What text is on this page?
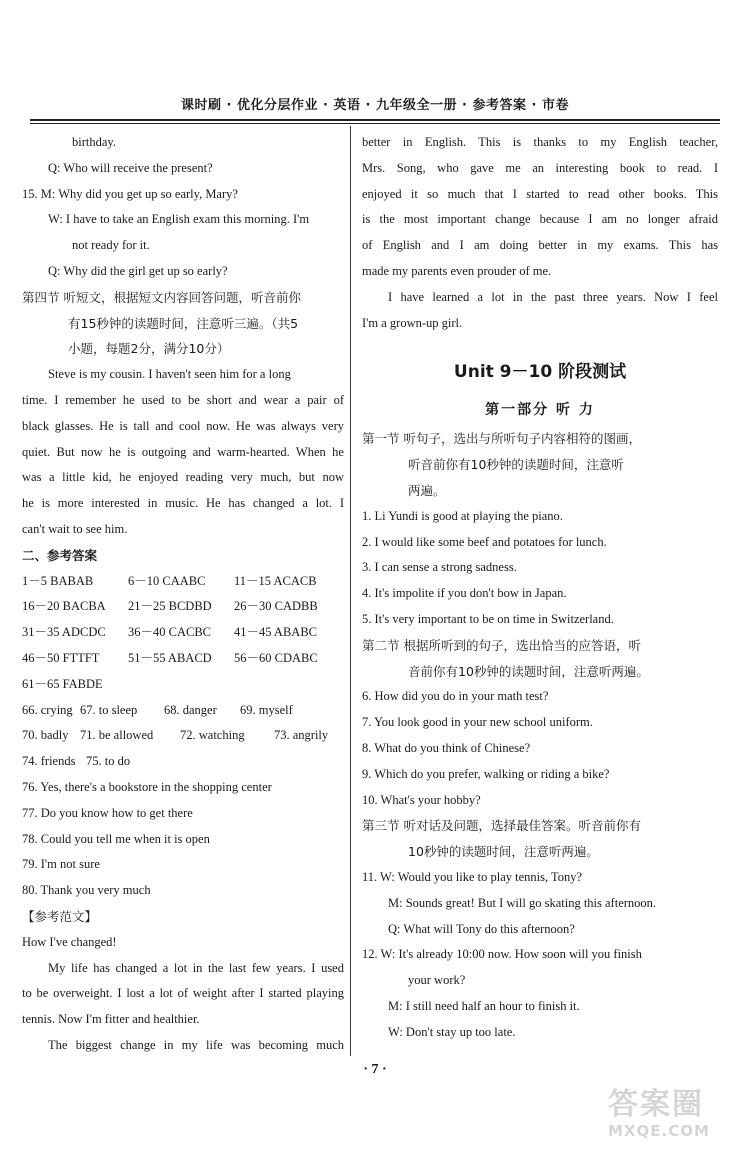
课时刷 · 优化分层作业 · 英语 · 九年级全一册 · 参考答案 · 市卷
birthday.
Q: Who will receive the present?
15. M: Why did you get up so early, Mary?
W: I have to take an English exam this morning. I'm
not ready for it.
Q: Why did the girl get up so early?
第四节 听短文，根据短文内容回答问题，听音前你
有15秒钟的读题时间，注意听三遍。（共5
小题，每题2分，满分10分）
Steve is my cousin. I haven't seen him for a long
time. I remember he used to be short and wear a pair of
black glasses. He is tall and cool now. He was always very
quiet. But now he is outgoing and warm-hearted. When he
was a little kid, he enjoyed reading very much, but now
he is more interested in music. He has changed a lot. I
can't wait to see him.
二、参考答案
1－5 BABAB	6－10 CAABC 11－15 ACACB
16－20 BACBA 21－25 BCDBD 26－30 CADBB
31－35 ADCDC 36－40 CACBC 41－45 ABABC
46－50 FTTFT 51－55 ABACD 56－60 CDABC
61－65 FABDE
66. crying 67. to sleep 68. danger 69. myself
70. badly 71. be allowed 72. watching 73. angrily
74. friends 75. to do
76. Yes, there's a bookstore in the shopping center
77. Do you know how to get there
78. Could you tell me when it is open
79. I'm not sure
80. Thank you very much
【参考范文】
How I've changed!
My life has changed a lot in the last few years. I used
to be overweight. I lost a lot of weight after I started playing
tennis. Now I'm fitter and healthier.
The biggest change in my life was becoming much
better in English. This is thanks to my English teacher,
Mrs. Song, who gave me an interesting book to read. I
enjoyed it so much that I started to read other books. This
is the most important change because I am no longer afraid
of English and I am doing better in my exams. This has
made my parents even prouder of me.
I have learned a lot in the past three years. Now I feel
I'm a grown-up girl.
Unit 9－10 阶段测试
第一部分 听 力
第一节 听句子，选出与所听句子内容相符的图画，
听音前你有10秒钟的读题时间，注意听
两遍。
1. Li Yundi is good at playing the piano.
2. I would like some beef and potatoes for lunch.
3. I can sense a strong sadness.
4. It's impolite if you don't bow in Japan.
5. It's very important to be on time in Switzerland.
第二节 根据所听到的句子，选出恰当的应答语，听
音前你有10秒钟的读题时间，注意听两遍。
6. How did you do in your math test?
7. You look good in your new school uniform.
8. What do you think of Chinese?
9. Which do you prefer, walking or riding a bike?
10. What's your hobby?
第三节 听对话及问题，选择最佳答案。听音前你有
10秒钟的读题时间，注意听两遍。
11. W: Would you like to play tennis, Tony?
M: Sounds great! But I will go skating this afternoon.
Q: What will Tony do this afternoon?
12. W: It's already 10:00 now. How soon will you finish
your work?
M: I still need half an hour to finish it.
W: Don't stay up too late.
· 7 ·
答案圈
MXQE.COM
